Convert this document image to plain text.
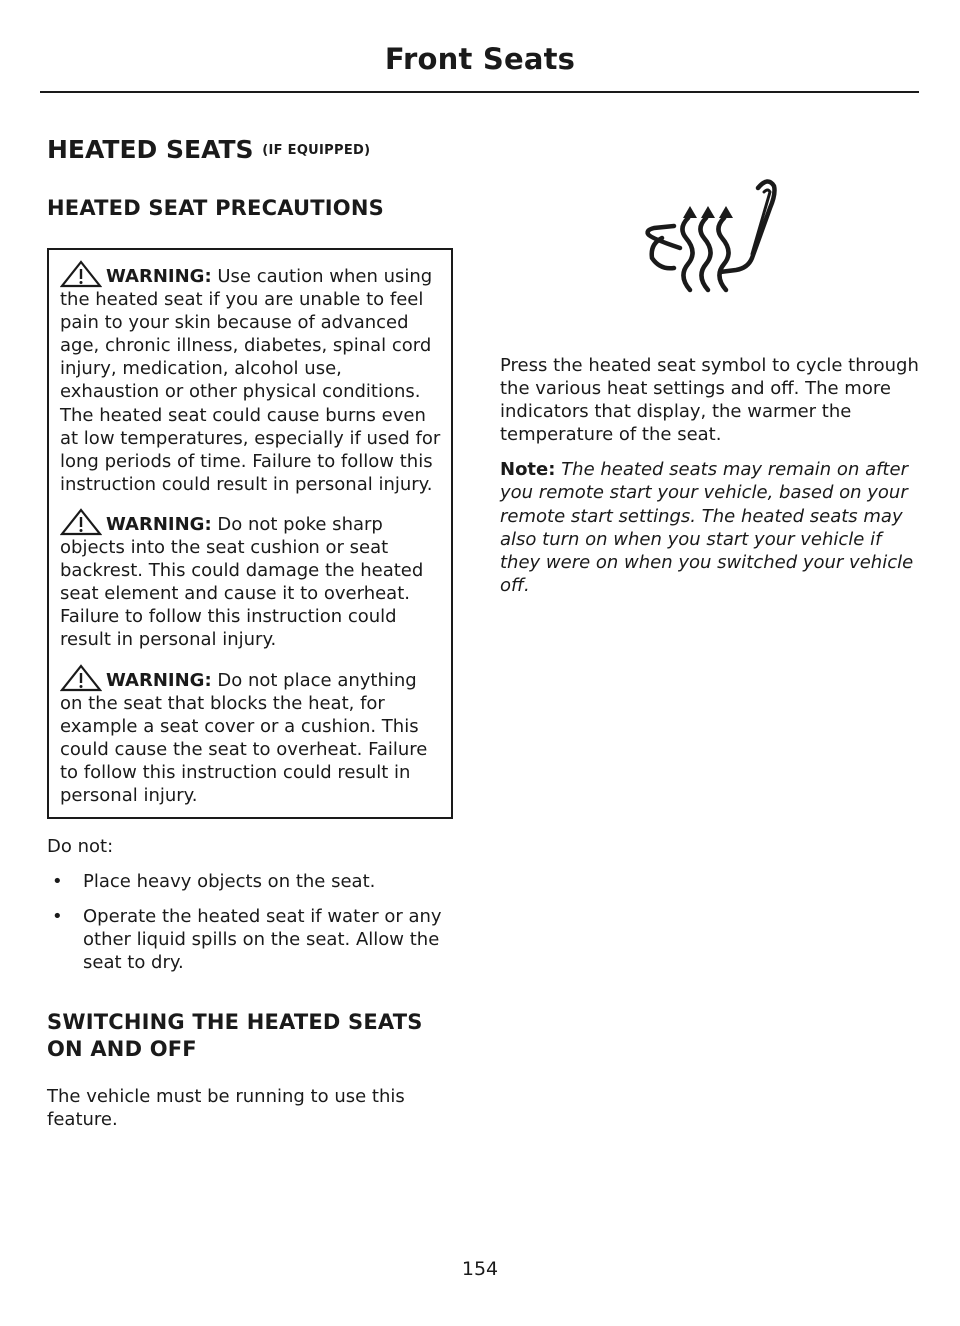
Front Seats
HEATED SEATS (IF EQUIPPED)
HEATED SEAT PRECAUTIONS

WARNING: Use caution when using the heated seat if you are unable to feel pain to your skin because of advanced age, chronic illness, diabetes, spinal cord injury, medication, alcohol use, exhaustion or other physical conditions. The heated seat could cause burns even at low temperatures, especially if used for long periods of time. Failure to follow this instruction could result in personal injury.

WARNING: Do not poke sharp objects into the seat cushion or seat backrest. This could damage the heated seat element and cause it to overheat. Failure to follow this instruction could result in personal injury.

WARNING: Do not place anything on the seat that blocks the heat, for example a seat cover or a cushion. This could cause the seat to overheat. Failure to follow this instruction could result in personal injury.

Do not:

• Place heavy objects on the seat.
• Operate the heated seat if water or any other liquid spills on the seat. Allow the seat to dry.
SWITCHING THE HEATED SEATS ON AND OFF

The vehicle must be running to use this feature.

Press the heated seat symbol to cycle through the various heat settings and off. The more indicators that display, the warmer the temperature of the seat.

Note: The heated seats may remain on after you remote start your vehicle, based on your remote start settings. The heated seats may also turn on when you start your vehicle if they were on when you switched your vehicle off.

154
